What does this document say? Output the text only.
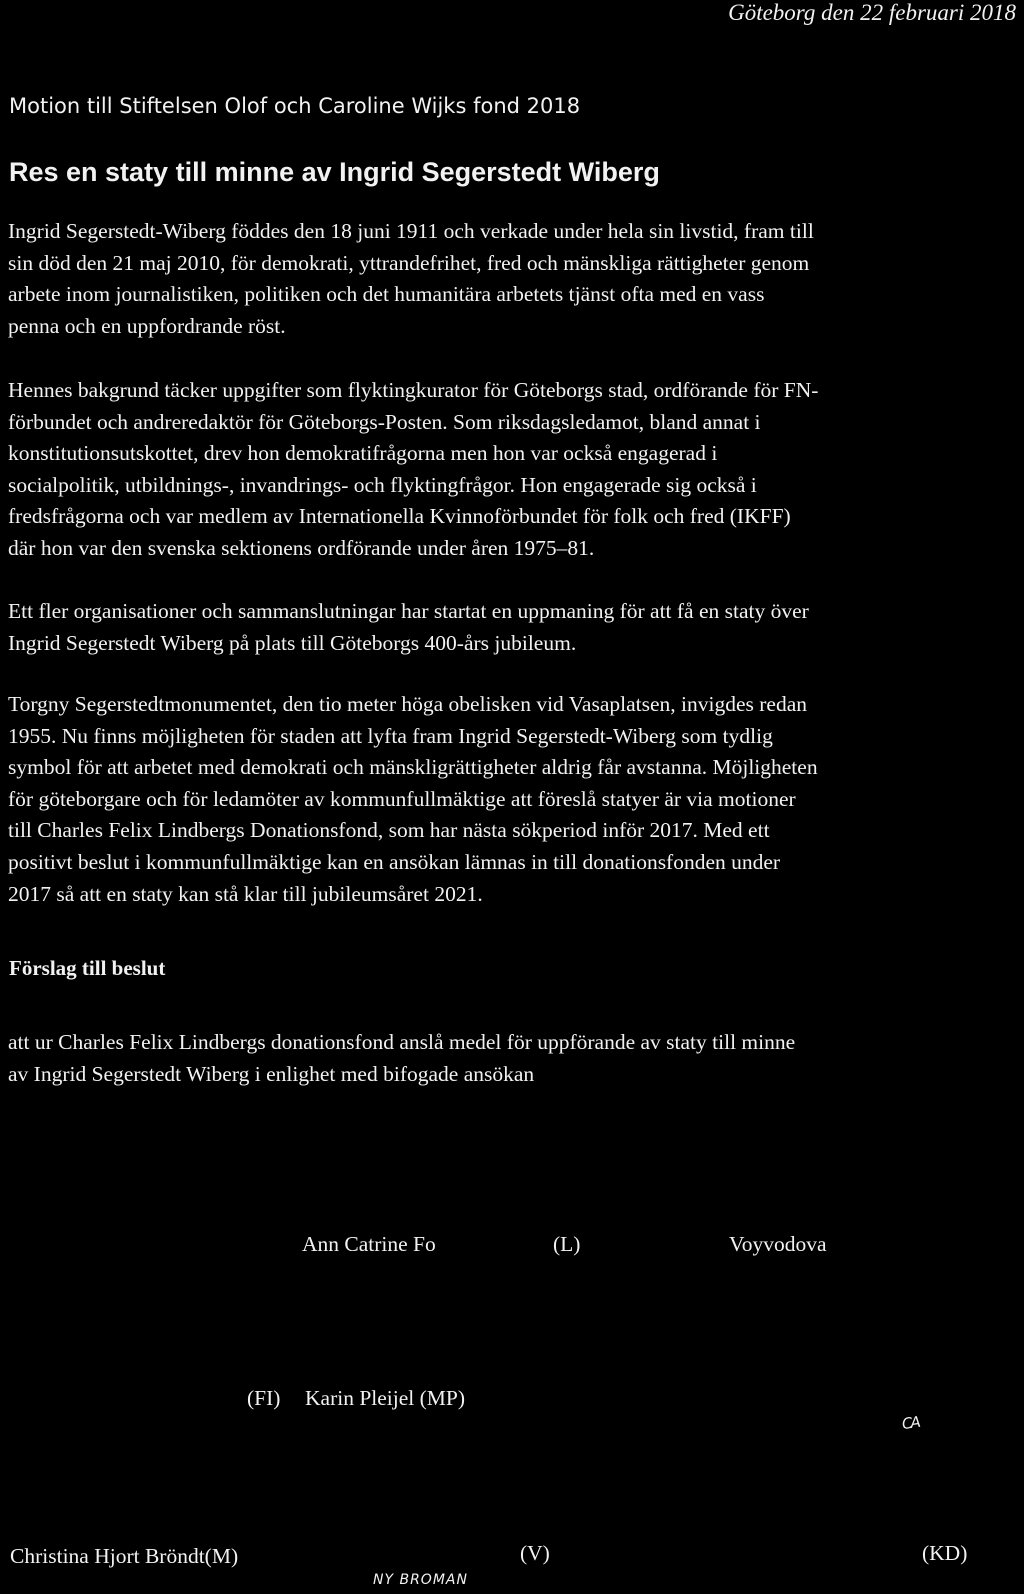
Göteborg den 22 februari 2018
Motion till Stiftelsen Olof och Caroline Wijks fond 2018
Res en staty till minne av Ingrid Segerstedt Wiberg
Ingrid Segerstedt-Wiberg föddes den 18 juni 1911 och verkade under hela sin livstid, fram till
sin död den 21 maj 2010, för demokrati, yttrandefrihet, fred och mänskliga rättigheter genom
arbete inom journalistiken, politiken och det humanitära arbetets tjänst ofta med en vass
penna och en uppfordrande röst.
Hennes bakgrund täcker uppgifter som flyktingkurator för Göteborgs stad, ordförande för FN-
förbundet och andreredaktör för Göteborgs-Posten. Som riksdagsledamot, bland annat i
konstitutionsutskottet, drev hon demokratifrågorna men hon var också engagerad i
socialpolitik, utbildnings-, invandrings- och flyktingfrågor. Hon engagerade sig också i
fredsfrågorna och var medlem av Internationella Kvinnoförbundet för folk och fred (IKFF)
där hon var den svenska sektionens ordförande under åren 1975–81.
Ett fler organisationer och sammanslutningar har startat en uppmaning för att få en staty över
Ingrid Segerstedt Wiberg på plats till Göteborgs 400-års jubileum.
Torgny Segerstedtmonumentet, den tio meter höga obelisken vid Vasaplatsen, invigdes redan
1955. Nu finns möjligheten för staden att lyfta fram Ingrid Segerstedt-Wiberg som tydlig
symbol för att arbetet med demokrati och mänskligrättigheter aldrig får avstanna. Möjligheten
för göteborgare och för ledamöter av kommunfullmäktige att föreslå statyer är via motioner
till Charles Felix Lindbergs Donationsfond, som har nästa sökperiod inför 2017. Med ett
positivt beslut i kommunfullmäktige kan en ansökan lämnas in till donationsfonden under
2017 så att en staty kan stå klar till jubileumsåret 2021.
Förslag till beslut
att ur Charles Felix Lindbergs donationsfond anslå medel för uppförande av staty till minne
av Ingrid Segerstedt Wiberg i enlighet med bifogade ansökan
Ann Catrine Fo	(L)	Voyvodova
(FI) Karin Pleijel (MP)
CA
Christina Hjort Bröndt(M)	(V)	(KD)
NY BROMAN
